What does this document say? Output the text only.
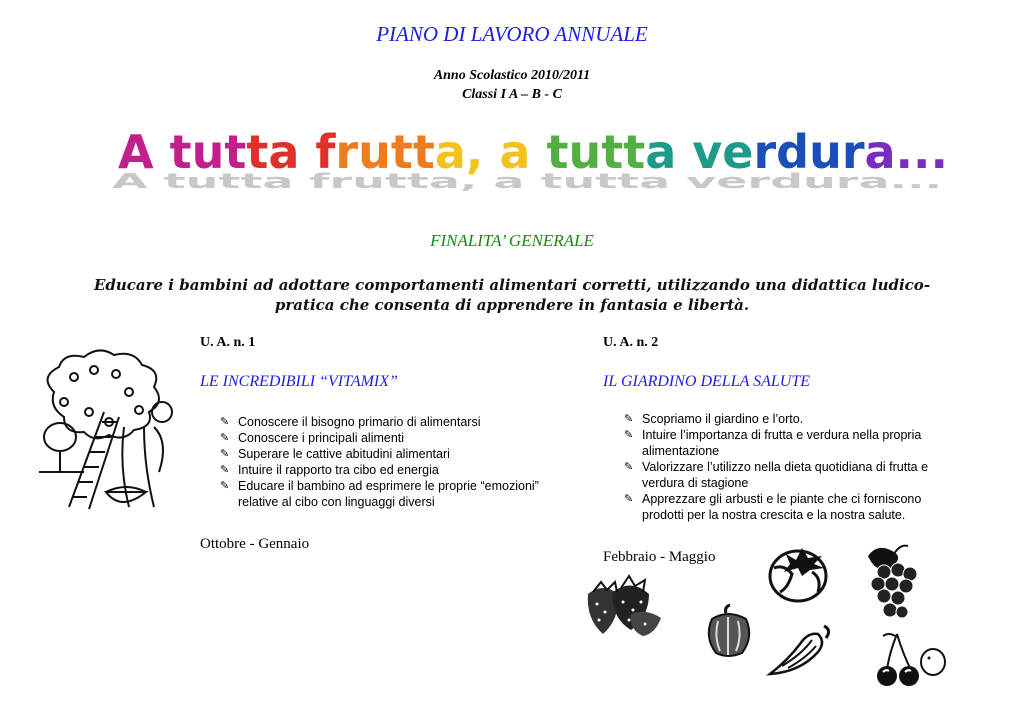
PIANO DI LAVORO ANNUALE
Anno Scolastico 2010/2011
Classi I A – B - C
A tutta frutta, a tutta verdura...
A tutta frutta, a tutta verdura...
FINALITA’ GENERALE
Educare i bambini ad adottare comportamenti alimentari corretti, utilizzando una didattica ludico-pratica che consenta di apprendere in fantasia e libertà.
U. A. n. 1
LE INCREDIBILI “VITAMIX”
✎ Conoscere il bisogno primario di alimentarsi
✎ Conoscere i principali alimenti
✎ Superare le cattive abitudini alimentari
✎ Intuire il rapporto tra cibo ed energia
✎ Educare il bambino ad esprimere le proprie “emozioni” relative al cibo con linguaggi diversi
Ottobre - Gennaio
U. A. n. 2
IL GIARDINO DELLA SALUTE
✎ Scopriamo il giardino e l’orto.
✎ Intuire l’importanza di frutta e verdura nella propria alimentazione
✎ Valorizzare l’utilizzo nella dieta quotidiana di frutta e verdura di stagione
✎ Apprezzare gli arbusti e le piante che ci forniscono prodotti per la nostra crescita e la nostra salute.
Febbraio - Maggio
